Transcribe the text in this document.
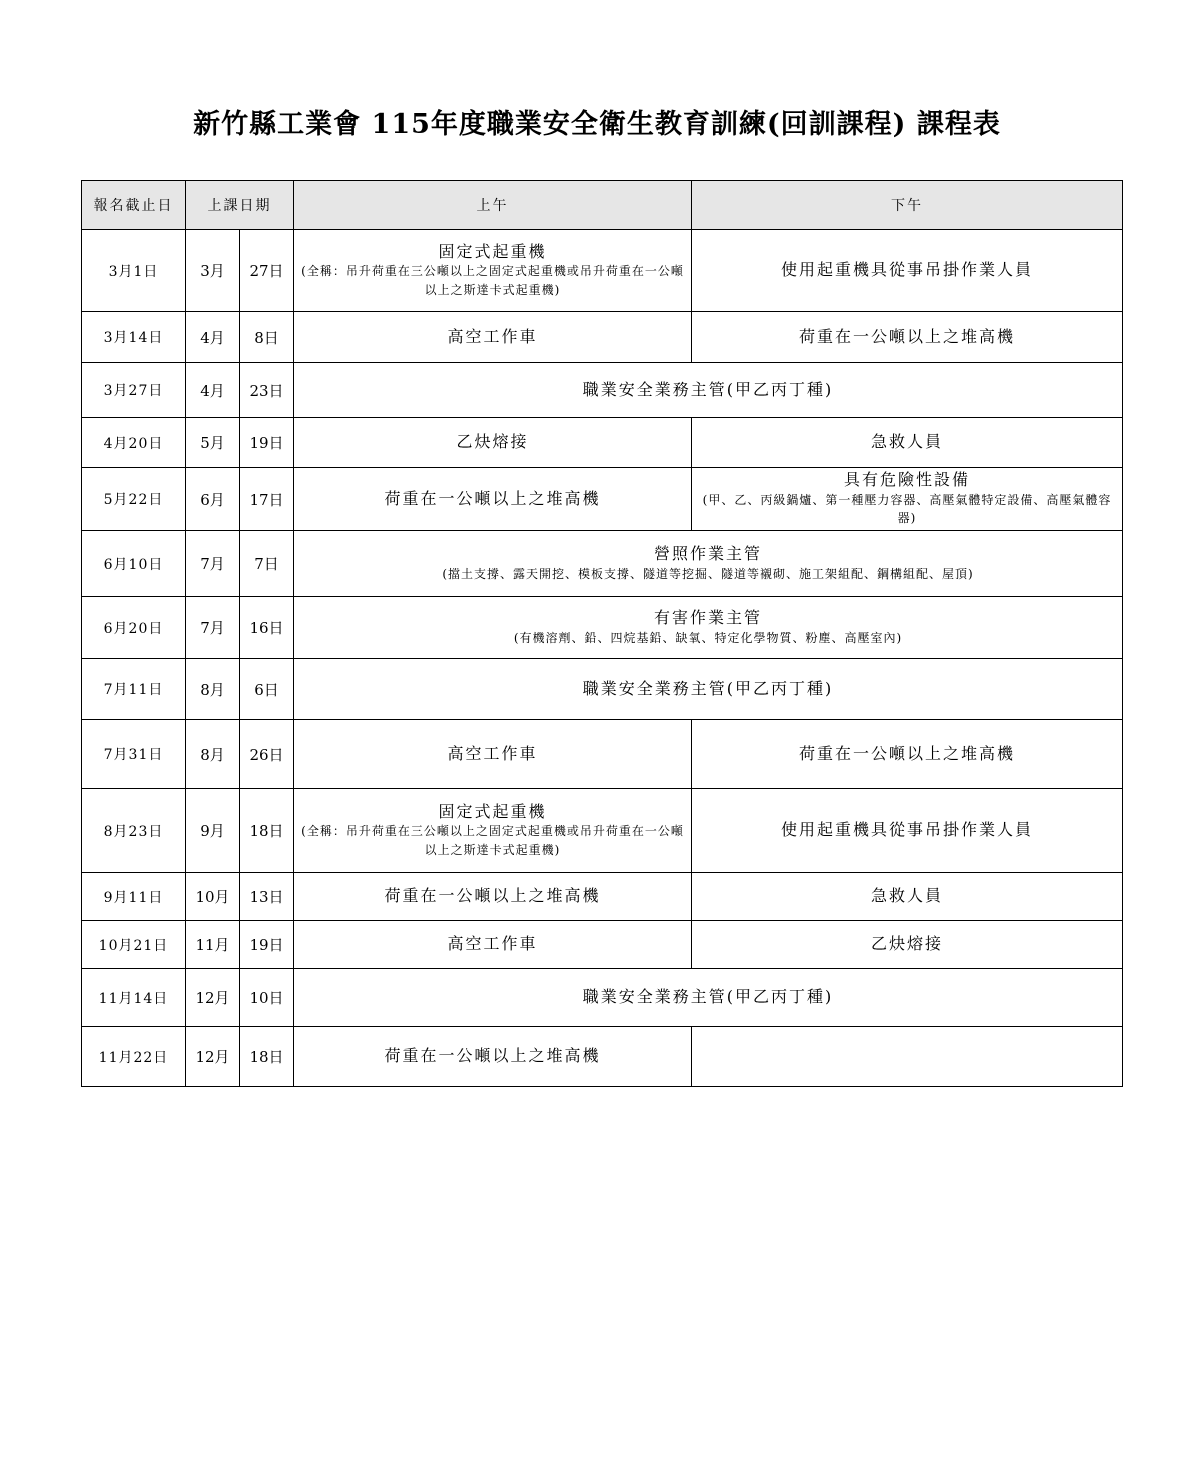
新竹縣工業會 115年度職業安全衛生教育訓練(回訓課程) 課程表
報名截止日	上課日期		上午	下午
3月1日	3月	27日	固定式起重機
(全稱：吊升荷重在三公噸以上之固定式起重機或吊升荷重在一公噸以上之斯達卡式起重機)	使用起重機具從事吊掛作業人員

3月14日	4月	8日	高空工作車	荷重在一公噸以上之堆高機

3月27日	4月	23日	職業安全業務主管(甲乙丙丁種)	

4月20日	5月	19日	乙炔熔接	急救人員

5月22日	6月	17日	荷重在一公噸以上之堆高機	具有危險性設備
(甲、乙、丙級鍋爐、第一種壓力容器、高壓氣體特定設備、高壓氣體容器)

6月10日	7月	7日	營照作業主管
(擋土支撐、露天開挖、模板支撐、隧道等挖掘、隧道等襯砌、施工架組配、鋼構組配、屋頂)	

6月20日	7月	16日	有害作業主管
(有機溶劑、鉛、四烷基鉛、缺氧、特定化學物質、粉塵、高壓室內)	

7月11日	8月	6日	職業安全業務主管(甲乙丙丁種)	

7月31日	8月	26日	高空工作車	荷重在一公噸以上之堆高機

8月23日	9月	18日	固定式起重機
(全稱：吊升荷重在三公噸以上之固定式起重機或吊升荷重在一公噸以上之斯達卡式起重機)	使用起重機具從事吊掛作業人員

9月11日	10月	13日	荷重在一公噸以上之堆高機	急救人員

10月21日	11月	19日	高空工作車	乙炔熔接

11月14日	12月	10日	職業安全業務主管(甲乙丙丁種)	

11月22日	12月	18日	荷重在一公噸以上之堆高機	
